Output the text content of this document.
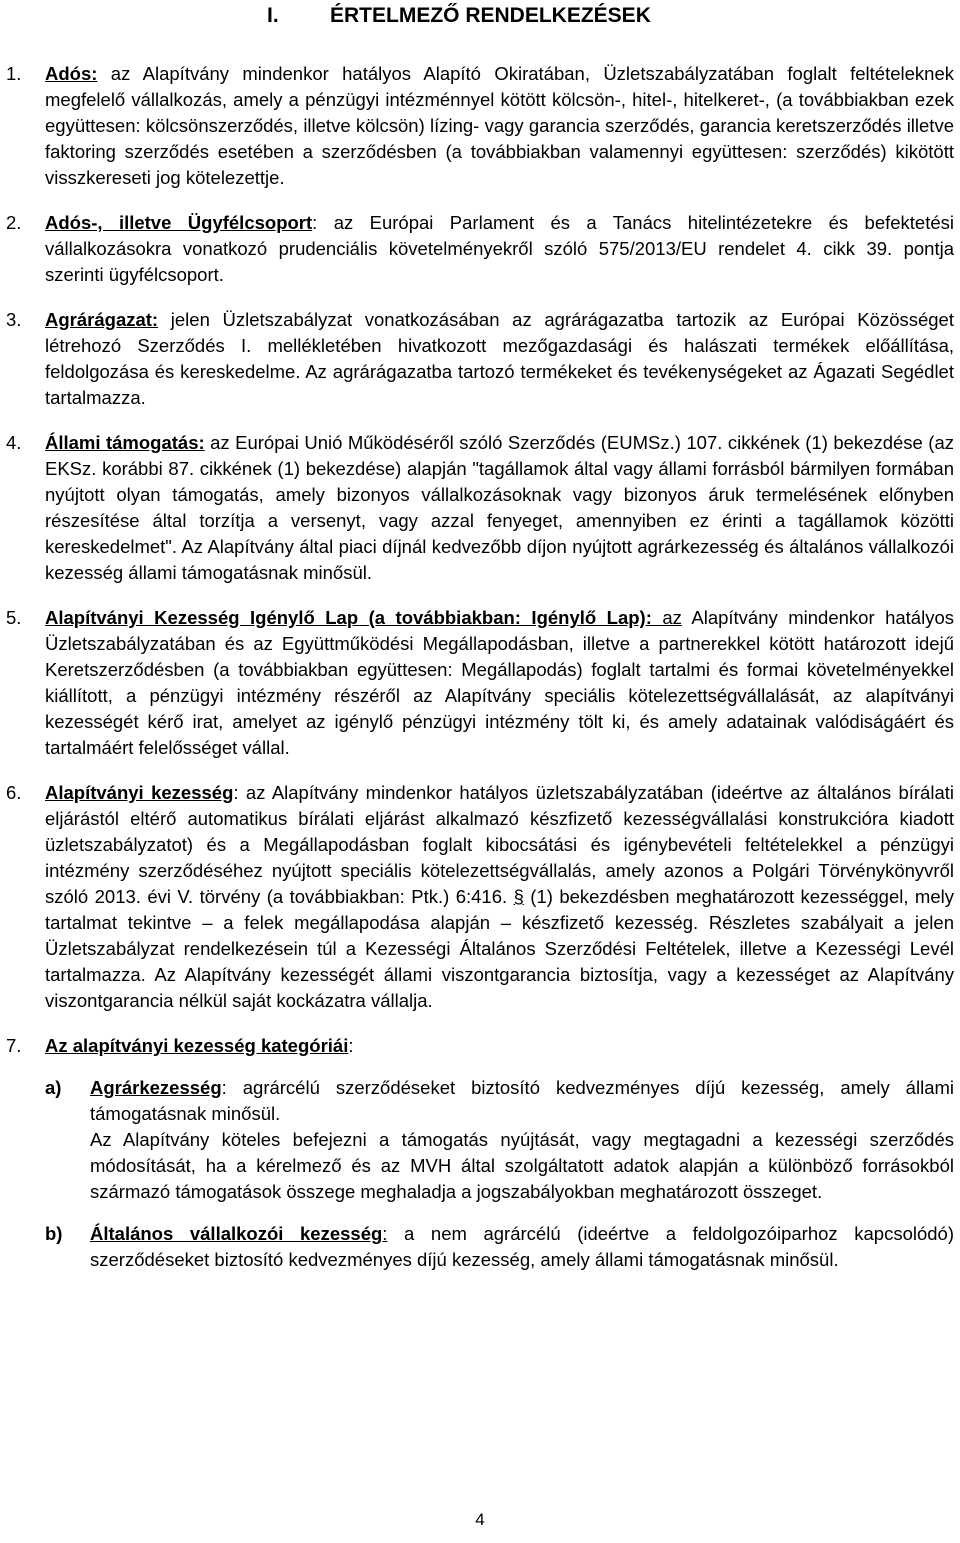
I. ÉRTELMEZŐ RENDELKEZÉSEK
1. Adós: az Alapítvány mindenkor hatályos Alapító Okiratában, Üzletszabályzatában foglalt feltételeknek megfelelő vállalkozás, amely a pénzügyi intézménnyel kötött kölcsön-, hitel-, hitelkeret-, (a továbbiakban ezek együttesen: kölcsönszerződés, illetve kölcsön) lízing- vagy garancia szerződés, garancia keretszerződés illetve faktoring szerződés esetében a szerződésben (a továbbiakban valamennyi együttesen: szerződés) kikötött visszkereseti jog kötelezettje.

2. Adós-, illetve Ügyfélcsoport: az Európai Parlament és a Tanács hitelintézetekre és befektetési vállalkozásokra vonatkozó prudenciális követelményekről szóló 575/2013/EU rendelet 4. cikk 39. pontja szerinti ügyfélcsoport.

3. Agrárágazat: jelen Üzletszabályzat vonatkozásában az agrárágazatba tartozik az Európai Közösséget létrehozó Szerződés I. mellékletében hivatkozott mezőgazdasági és halászati termékek előállítása, feldolgozása és kereskedelme. Az agrárágazatba tartozó termékeket és tevékenységeket az Ágazati Segédlet tartalmazza.

4. Állami támogatás: az Európai Unió Működéséről szóló Szerződés (EUMSz.) 107. cikkének (1) bekezdése (az EKSz. korábbi 87. cikkének (1) bekezdése) alapján "tagállamok által vagy állami forrásból bármilyen formában nyújtott olyan támogatás, amely bizonyos vállalkozásoknak vagy bizonyos áruk termelésének előnyben részesítése által torzítja a versenyt, vagy azzal fenyeget, amennyiben ez érinti a tagállamok közötti kereskedelmet". Az Alapítvány által piaci díjnál kedvezőbb díjon nyújtott agrárkezesség és általános vállalkozói kezesség állami támogatásnak minősül.

5. Alapítványi Kezesség Igénylő Lap (a továbbiakban: Igénylő Lap): az Alapítvány mindenkor hatályos Üzletszabályzatában és az Együttműködési Megállapodásban, illetve a partnerekkel kötött határozott idejű Keretszerződésben (a továbbiakban együttesen: Megállapodás) foglalt tartalmi és formai követelményekkel kiállított, a pénzügyi intézmény részéről az Alapítvány speciális kötelezettségvállalását, az alapítványi kezességét kérő irat, amelyet az igénylő pénzügyi intézmény tölt ki, és amely adatainak valódiságáért és tartalmáért felelősséget vállal.

6. Alapítványi kezesség: az Alapítvány mindenkor hatályos üzletszabályzatában (ideértve az általános bírálati eljárástól eltérő automatikus bírálati eljárást alkalmazó készfizető kezességvállalási konstrukcióra kiadott üzletszabályzatot) és a Megállapodásban foglalt kibocsátási és igénybevételi feltételekkel a pénzügyi intézmény szerződéséhez nyújtott speciális kötelezettségvállalás, amely azonos a Polgári Törvénykönyvről szóló 2013. évi V. törvény (a továbbiakban: Ptk.) 6:416. § (1) bekezdésben meghatározott kezességgel, mely tartalmat tekintve – a felek megállapodása alapján – készfizető kezesség. Részletes szabályait a jelen Üzletszabályzat rendelkezésein túl a Kezességi Általános Szerződési Feltételek, illetve a Kezességi Levél tartalmazza. Az Alapítvány kezességét állami viszontgarancia biztosítja, vagy a kezességet az Alapítvány viszontgarancia nélkül saját kockázatra vállalja.

7. Az alapítványi kezesség kategóriái:

a) Agrárkezesség: agrárcélú szerződéseket biztosító kedvezményes díjú kezesség, amely állami támogatásnak minősül.

Az Alapítvány köteles befejezni a támogatás nyújtását, vagy megtagadni a kezességi szerződés módosítását, ha a kérelmező és az MVH által szolgáltatott adatok alapján a különböző forrásokból származó támogatások összege meghaladja a jogszabályokban meghatározott összeget.

b) Általános vállalkozói kezesség: a nem agrárcélú (ideértve a feldolgozóiparhoz kapcsolódó) szerződéseket biztosító kedvezményes díjú kezesség, amely állami támogatásnak minősül.

4
